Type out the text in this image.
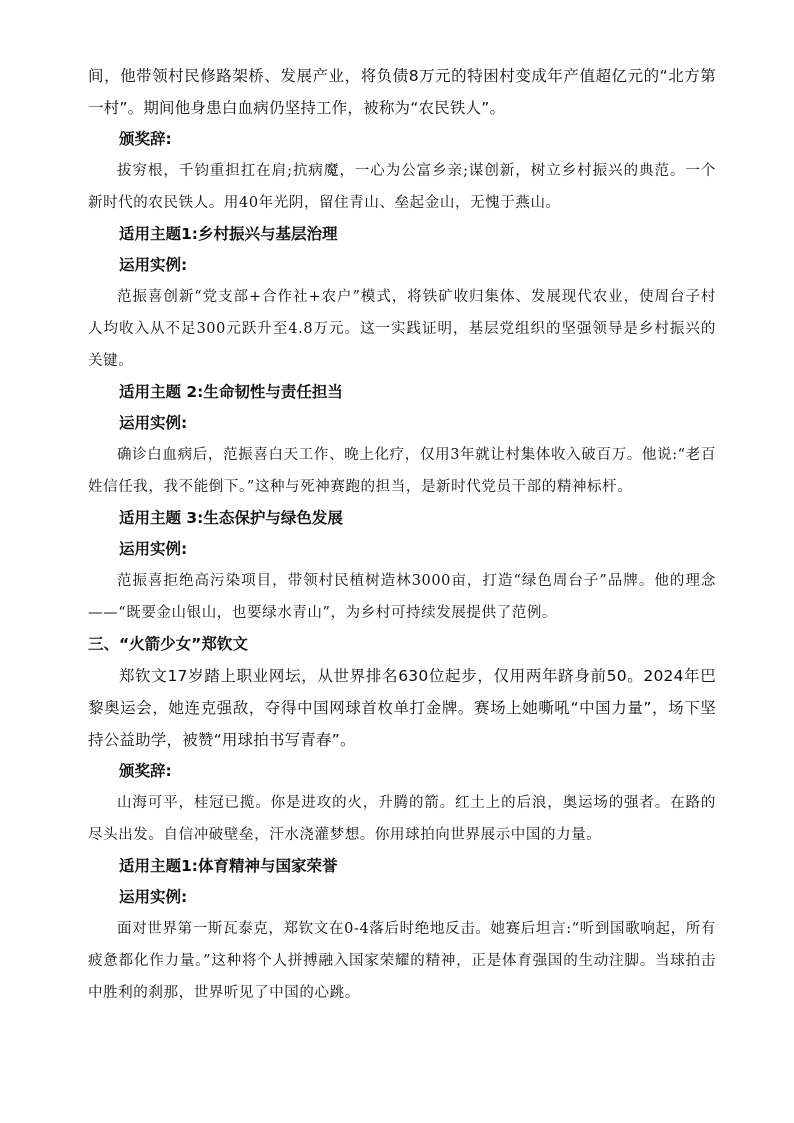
间，他带领村民修路架桥、发展产业，将负债8万元的特困村变成年产值超亿元的“北方第一村”。期间他身患白血病仍坚持工作，被称为“农民铁人”。

颁奖辞:

拔穷根，千钧重担扛在肩;抗病魔，一心为公富乡亲;谋创新，树立乡村振兴的典范。一个新时代的农民铁人。用40年光阴，留住青山、垒起金山，无愧于燕山。

适用主题1:乡村振兴与基层治理

运用实例:

范振喜创新“党支部+合作社+农户”模式，将铁矿收归集体、发展现代农业，使周台子村人均收入从不足300元跃升至4.8万元。这一实践证明，基层党组织的坚强领导是乡村振兴的关键。

适用主题 2:生命韧性与责任担当

运用实例:

确诊白血病后，范振喜白天工作、晚上化疗，仅用3年就让村集体收入破百万。他说:“老百姓信任我，我不能倒下。”这种与死神赛跑的担当，是新时代党员干部的精神标杆。

适用主题 3:生态保护与绿色发展

运用实例:

范振喜拒绝高污染项目，带领村民植树造林3000亩，打造“绿色周台子”品牌。他的理念——“既要金山银山，也要绿水青山”，为乡村可持续发展提供了范例。

三、“火箭少女”郑钦文

郑钦文17岁踏上职业网坛，从世界排名630位起步，仅用两年跻身前50。2024年巴黎奥运会，她连克强敌，夺得中国网球首枚单打金牌。赛场上她嘶吼“中国力量”，场下坚持公益助学，被赞“用球拍书写青春”。

颁奖辞:

山海可平，桂冠已揽。你是进攻的火，升腾的箭。红土上的后浪，奥运场的强者。在路的尽头出发。自信冲破壁垒，汗水浇灌梦想。你用球拍向世界展示中国的力量。

适用主题1:体育精神与国家荣誉

运用实例:

面对世界第一斯瓦泰克，郑钦文在0-4落后时绝地反击。她赛后坦言:“听到国歌响起，所有疲惫都化作力量。”这种将个人拼搏融入国家荣耀的精神，正是体育强国的生动注脚。当球拍击中胜利的刹那，世界听见了中国的心跳。
